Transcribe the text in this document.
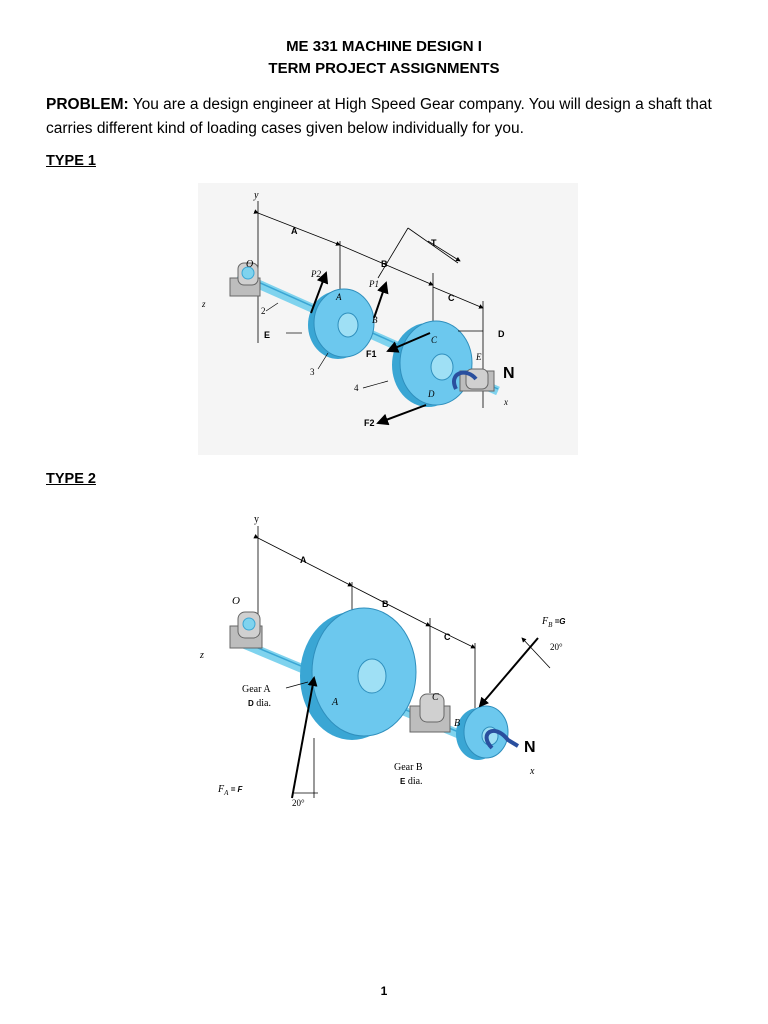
ME 331 MACHINE DESIGN I
TERM PROJECT ASSIGNMENTS
PROBLEM: You are a design engineer at High Speed Gear company. You will design a shaft that carries different kind of loading cases given below individually for you.
TYPE 1
y
O
z
A
B
T
C
D
E
P2
P1
A
B
C
2
3
4
D
E
x
F1
F2
N
TYPE 2
y
O
z
A
B
C
$F_B$ $^{=G}$
20°
Gear A
D dia.	A	C
B
N
x
Gear B
E dia.
$F_A$ $^{= F}$
20°
1
